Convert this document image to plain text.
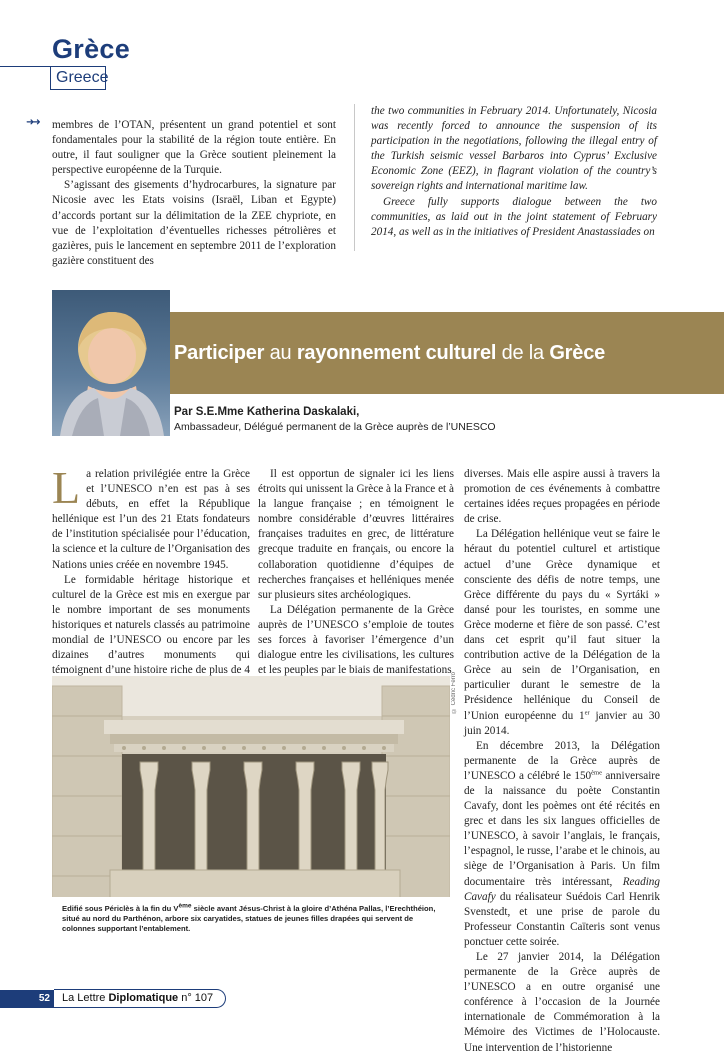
Grèce
Greece
➜➜ membres de l’OTAN, présentent un grand potentiel et sont fondamentales pour la stabilité de la région toute entière. En outre, il faut souligner que la Grèce soutient pleinement la perspective européenne de la Turquie.

S’agissant des gisements d’hydrocarbures, la signature par Nicosie avec les Etats voisins (Israël, Liban et Egypte) d’accords portant sur la délimitation de la ZEE chypriote, en vue de l’exploitation d’éventuelles richesses pétrolières et gazières, puis le lancement en septembre 2011 de l’exploration gazière constituent des

the two communities in February 2014. Unfortunately, Nicosia was recently forced to announce the suspension of its participation in the negotiations, following the illegal entry of the Turkish seismic vessel Barbaros into Cyprus’ Exclusive Economic Zone (EEZ), in flagrant violation of the country’s sovereign rights and international maritime law.

Greece fully supports dialogue between the two communities, as laid out in the joint statement of February 2014, as well as in the initiatives of President Anastassiades on

Participer au rayonnement culturel de la Grèce
Par S.E.Mme Katherina Daskalaki,
Ambassadeur, Délégué permanent de la Grèce auprès de l’UNESCO

La relation privilégiée entre la Grèce et l’UNESCO n’en est pas à ses débuts, en effet la République hellénique est l’un des 21 Etats fondateurs de l’institution spécialisée pour l’éducation, la science et la culture de l’Organisation des Nations unies créée en novembre 1945.

Le formidable héritage historique et culturel de la Grèce est mis en exergue par le nombre important de ses monuments historiques et naturels classés au patrimoine mondial de l’UNESCO ou encore par les dizaines d’autres monuments qui témoignent d’une histoire riche de plus de 4

Il est opportun de signaler ici les liens étroits qui unissent la Grèce à la France et à la langue française ; en témoignent le nombre considérable d’œuvres littéraires françaises traduites en grec, de littérature grecque traduite en français, ou encore la collaboration quotidienne d’équipes de recherches françaises et helléniques menée sur plusieurs sites archéologiques.

La Délégation permanente de la Grèce auprès de l’UNESCO s’emploie de toutes ses forces à favoriser l’émergence d’un dialogue entre les civilisations, les cultures et les peuples par le biais de manifestations

diverses. Mais elle aspire aussi à travers la promotion de ces événements à combattre certaines idées reçues propagées en période de crise.

La Délégation hellénique veut se faire le héraut du potentiel culturel et artistique actuel d’une Grèce dynamique et consciente des défis de notre temps, une Grèce différente du pays du « Syrtáki » dansé pour les touristes, en somme une Grèce moderne et fière de son passé. C’est dans cet esprit qu’il faut situer la contribution active de la Délégation de la Grèce au sein de l’Organisation, en particulier durant le semestre de la Présidence hellénique du Conseil de l’Union européenne du 1er janvier au 30 juin 2014.

En décembre 2013, la Délégation permanente de la Grèce auprès de l’UNESCO a célébré le 150ème anniversaire de la naissance du poète Constantin Cavafy, dont les poèmes ont été récités en grec et dans les six langues officielles de l’UNESCO, à savoir l’anglais, le français, l’espagnol, le russe, l’arabe et le chinois, au siège de l’Organisation à Paris. Un film documentaire très intéressant, Reading Cavafy du réalisateur Suédois Carl Henrik Svenstedt, et une prise de parole du Professeur Constantin Caïteris sont venus ponctuer cette soirée.

Le 27 janvier 2014, la Délégation permanente de la Grèce auprès de l’UNESCO a en outre organisé une conférence à l’occasion de la Journée internationale de Commémoration à la Mémoire des Victimes de l’Holocauste. Une intervention de l’historienne

Edifié sous Périclès à la fin du Vème siècle avant Jésus-Christ à la gloire d’Athéna Pallas, l’Erechthéion, situé au nord du Parthénon, arbore six caryatides, statues de jeunes filles drapées qui servent de colonnes supportant l’entablement.
© Cédric Ferro
52 La Lettre Diplomatique n° 107
